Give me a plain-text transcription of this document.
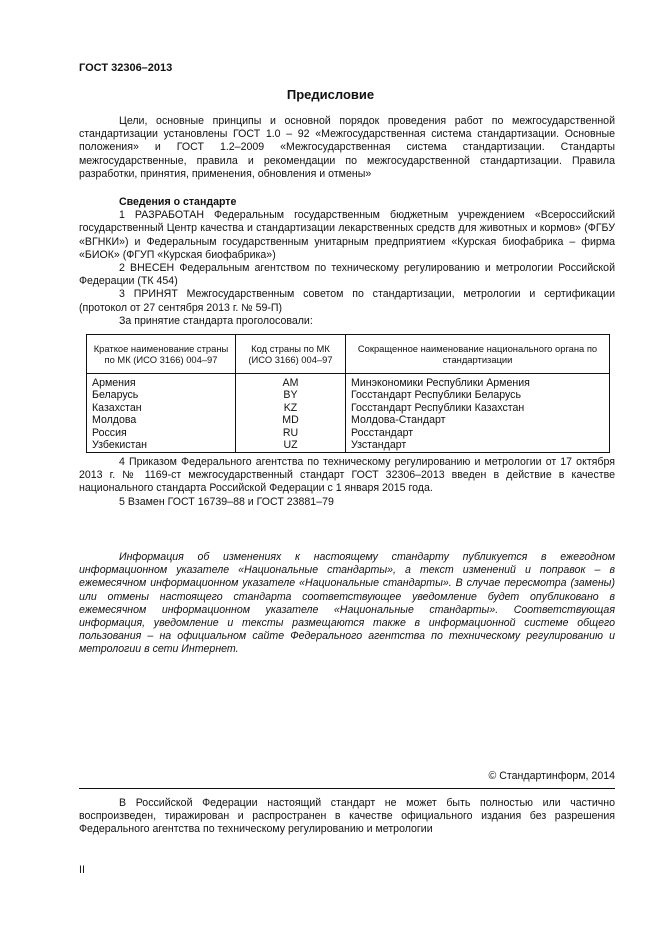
ГОСТ 32306–2013
Предисловие

Цели, основные принципы и основной порядок проведения работ по межгосударственной стандартизации установлены ГОСТ 1.0 – 92 «Межгосударственная система стандартизации. Основные положения» и ГОСТ 1.2–2009 «Межгосударственная система стандартизации. Стандарты межгосударственные, правила и рекомендации по межгосударственной стандартизации. Правила разработки, принятия, применения, обновления и отмены»

Сведения о стандарте

1 РАЗРАБОТАН Федеральным государственным бюджетным учреждением «Всероссийский государственный Центр качества и стандартизации лекарственных средств для животных и кормов» (ФГБУ «ВГНКИ») и Федеральным государственным унитарным предприятием «Курская биофабрика – фирма «БИОК» (ФГУП «Курская биофабрика»)

2 ВНЕСЕН Федеральным агентством по техническому регулированию и метрологии Российской Федерации (ТК 454)

3 ПРИНЯТ Межгосударственным советом по стандартизации, метрологии и сертификации (протокол от 27 сентября 2013 г. № 59-П)

За принятие стандарта проголосовали:

Краткое наименование страны по МК (ИСО 3166) 004–97	Код страны по МК (ИСО 3166) 004–97	Сокращенное наименование национального органа по стандартизации
Армения	AM	Минэкономики Республики Армения
Беларусь	BY	Госстандарт Республики Беларусь
Казахстан	KZ	Госстандарт Республики Казахстан
Молдова	MD	Молдова-Стандарт
Россия	RU	Росстандарт
Узбекистан	UZ	Узстандарт

4 Приказом Федерального агентства по техническому регулированию и метрологии от 17 октября 2013 г. № 1169-ст межгосударственный стандарт ГОСТ 32306–2013 введен в действие в качестве национального стандарта Российской Федерации с 1 января 2015 года.

5 Взамен ГОСТ 16739–88 и ГОСТ 23881–79

Информация об изменениях к настоящему стандарту публикуется в ежегодном информационном указателе «Национальные стандарты», а текст изменений и поправок – в ежемесячном информационном указателе «Национальные стандарты». В случае пересмотра (замены) или отмены настоящего стандарта соответствующее уведомление будет опубликовано в ежемесячном информационном указателе «Национальные стандарты». Соответствующая информация, уведомление и тексты размещаются также в информационной системе общего пользования – на официальном сайте Федерального агентства по техническому регулированию и метрологии в сети Интернет.

© Стандартинформ, 2014

В Российской Федерации настоящий стандарт не может быть полностью или частично воспроизведен, тиражирован и распространен в качестве официального издания без разрешения Федерального агентства по техническому регулированию и метрологии

II
